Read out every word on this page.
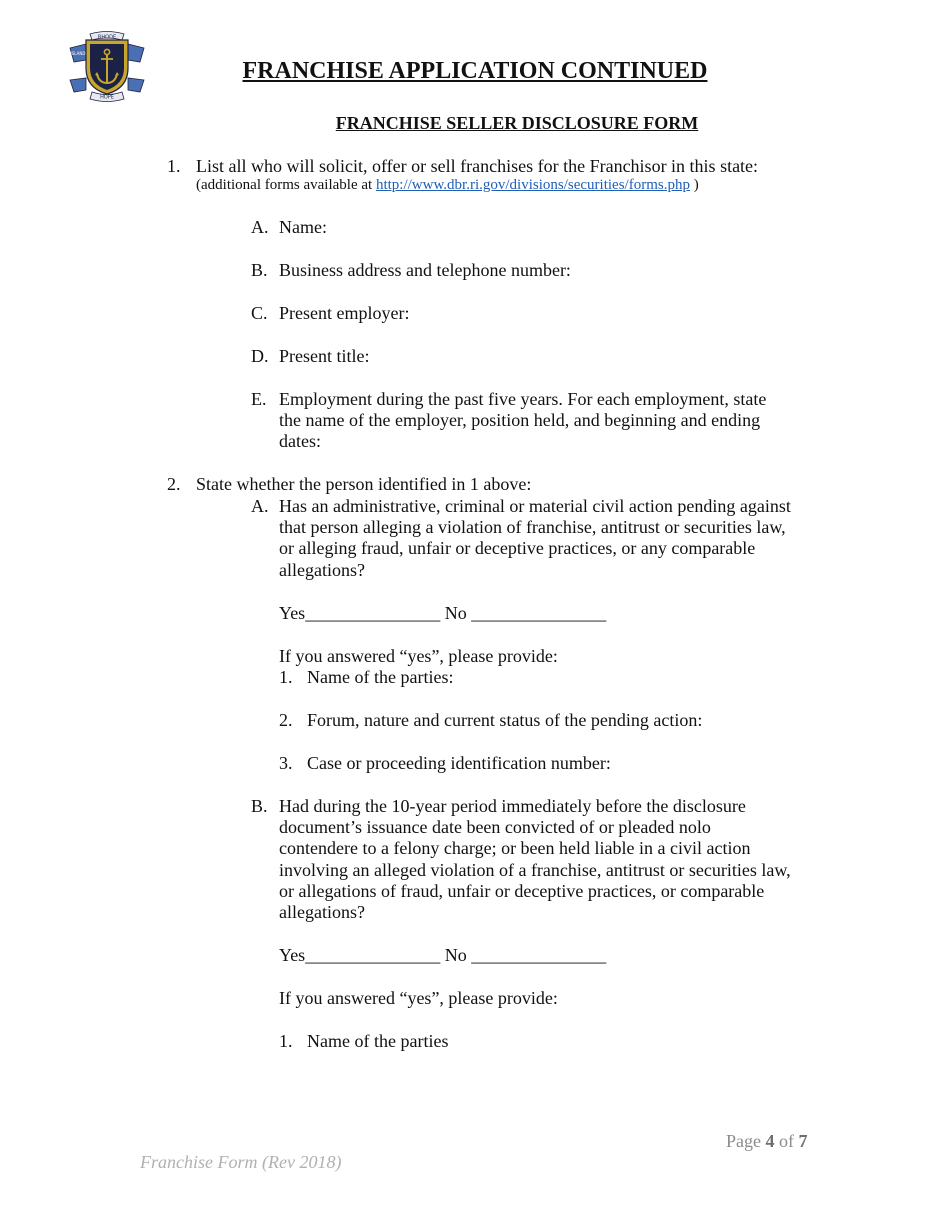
RHODE
ISLAND
HOPE
FRANCHISE APPLICATION CONTINUED
FRANCHISE SELLER DISCLOSURE FORM
1. List all who will solicit, offer or sell franchises for the Franchisor in this state:
(additional forms available at http://www.dbr.ri.gov/divisions/securities/forms.php )
A. Name:
B. Business address and telephone number:
C. Present employer:
D. Present title:
E. Employment during the past five years. For each employment, state
the name of the employer, position held, and beginning and ending
dates:
2. State whether the person identified in 1 above:
A. Has an administrative, criminal or material civil action pending against
that person alleging a violation of franchise, antitrust or securities law,
or alleging fraud, unfair or deceptive practices, or any comparable
allegations?
Yes_______________ No _______________
If you answered “yes”, please provide:
1. Name of the parties:
2. Forum, nature and current status of the pending action:
3. Case or proceeding identification number:
B. Had during the 10-year period immediately before the disclosure
document’s issuance date been convicted of or pleaded nolo
contendere to a felony charge; or been held liable in a civil action
involving an alleged violation of a franchise, antitrust or securities law,
or allegations of fraud, unfair or deceptive practices, or comparable
allegations?
Yes_______________ No _______________
If you answered “yes”, please provide:
1. Name of the parties
Page 4 of 7
Franchise Form (Rev 2018)
